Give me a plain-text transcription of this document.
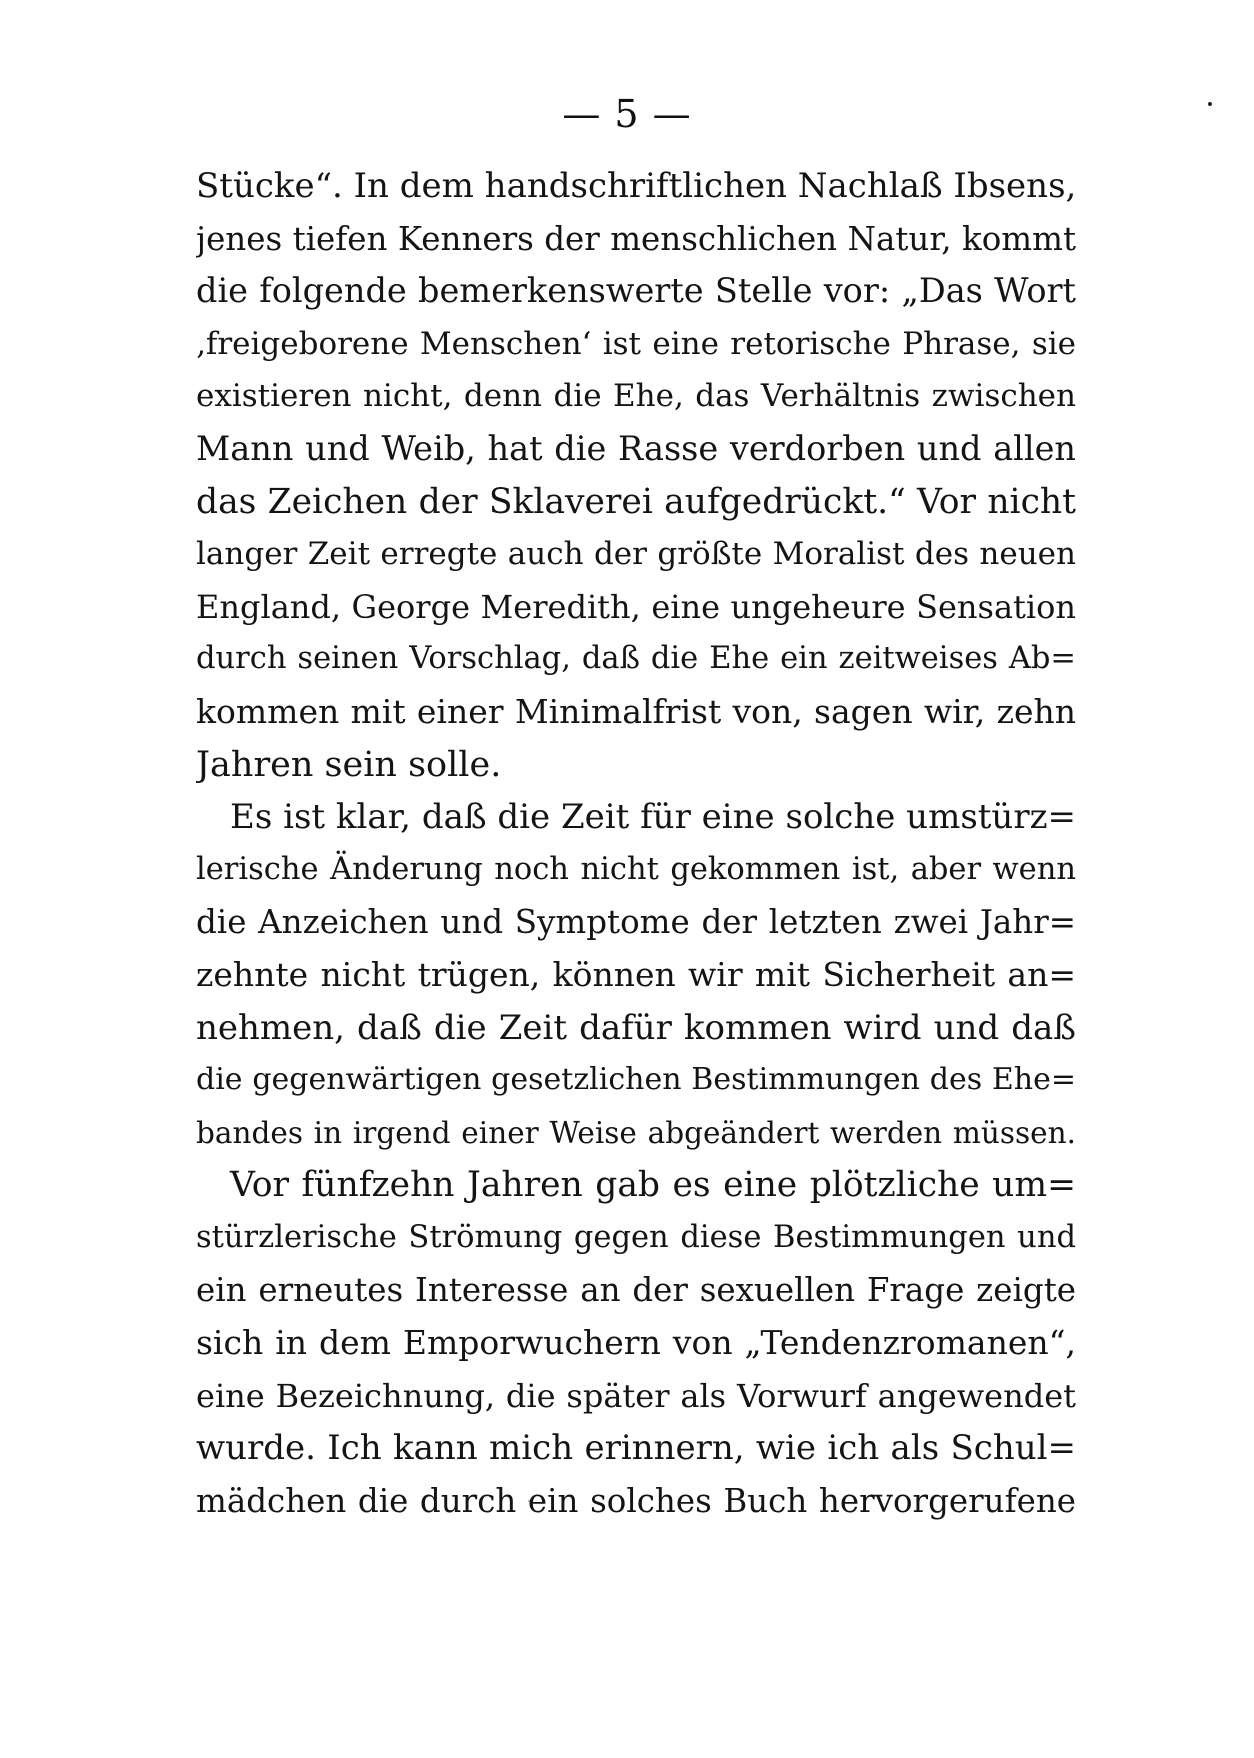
— 5 —
Stücke“. In dem handschriftlichen Nachlaß Ibsens,
jenes tiefen Kenners der menschlichen Natur, kommt
die folgende bemerkenswerte Stelle vor: „Das Wort
‚freigeborene Menschen‘ ist eine retorische Phrase, sie
existieren nicht, denn die Ehe, das Verhältnis zwischen
Mann und Weib, hat die Rasse verdorben und allen
das Zeichen der Sklaverei aufgedrückt.“ Vor nicht
langer Zeit erregte auch der größte Moralist des neuen
England, George Meredith, eine ungeheure Sensation
durch seinen Vorschlag, daß die Ehe ein zeitweises Ab=
kommen mit einer Minimalfrist von, sagen wir, zehn
Jahren sein solle.
Es ist klar, daß die Zeit für eine solche umstürz=
lerische Änderung noch nicht gekommen ist, aber wenn
die Anzeichen und Symptome der letzten zwei Jahr=
zehnte nicht trügen, können wir mit Sicherheit an=
nehmen, daß die Zeit dafür kommen wird und daß
die gegenwärtigen gesetzlichen Bestimmungen des Ehe=
bandes in irgend einer Weise abgeändert werden müssen.
Vor fünfzehn Jahren gab es eine plötzliche um=
stürzlerische Strömung gegen diese Bestimmungen und
ein erneutes Interesse an der sexuellen Frage zeigte
sich in dem Emporwuchern von „Tendenzromanen“,
eine Bezeichnung, die später als Vorwurf angewendet
wurde. Ich kann mich erinnern, wie ich als Schul=
mädchen die durch ein solches Buch hervorgerufene
